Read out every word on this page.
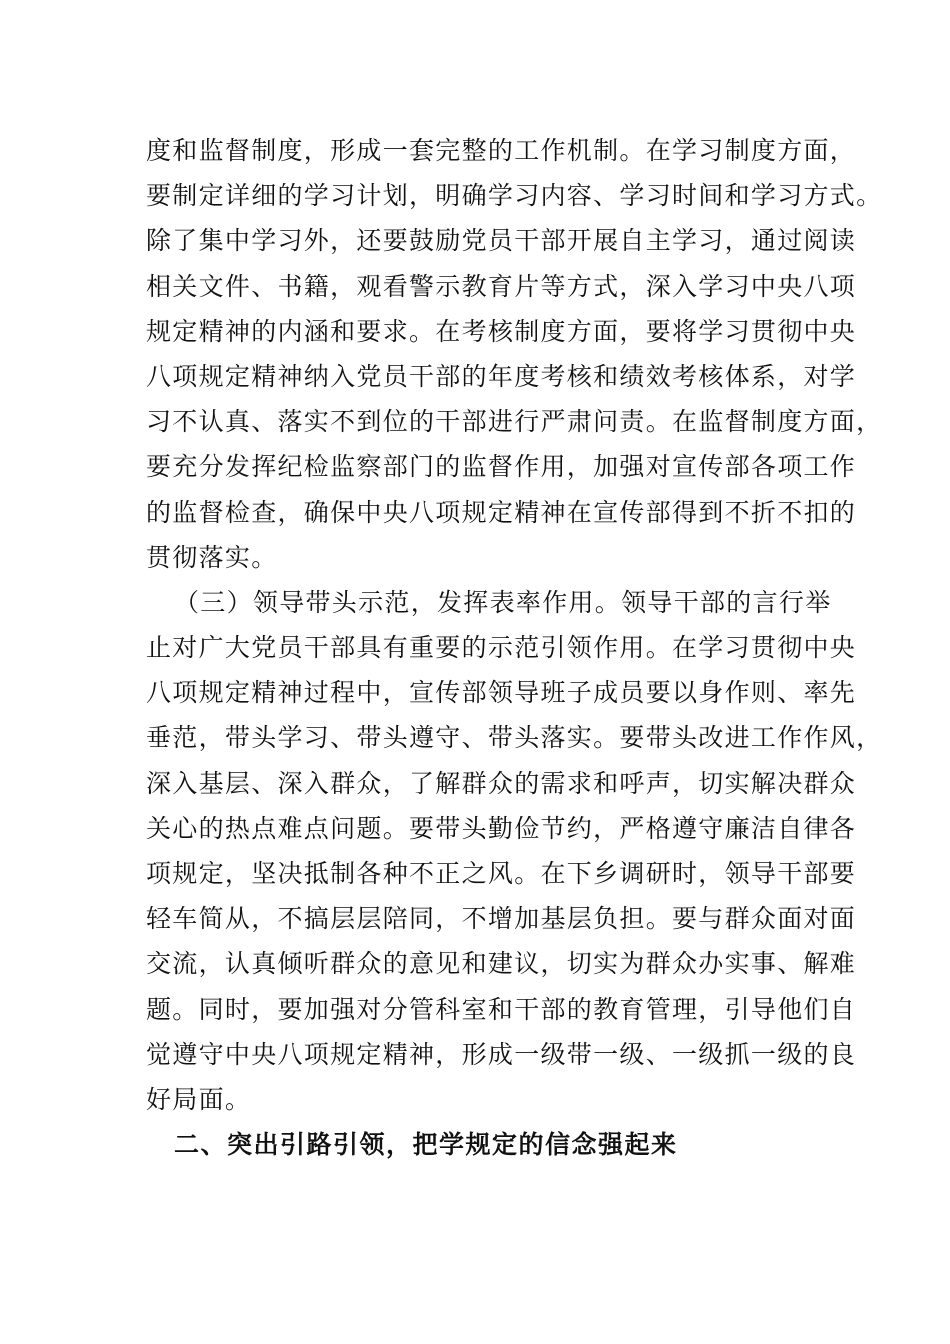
度和监督制度，形成一套完整的工作机制。在学习制度方面，
要制定详细的学习计划，明确学习内容、学习时间和学习方式。
除了集中学习外，还要鼓励党员干部开展自主学习，通过阅读
相关文件、书籍，观看警示教育片等方式，深入学习中央八项
规定精神的内涵和要求。在考核制度方面，要将学习贯彻中央
八项规定精神纳入党员干部的年度考核和绩效考核体系，对学
习不认真、落实不到位的干部进行严肃问责。在监督制度方面，
要充分发挥纪检监察部门的监督作用，加强对宣传部各项工作
的监督检查，确保中央八项规定精神在宣传部得到不折不扣的
贯彻落实。
（三）领导带头示范，发挥表率作用。领导干部的言行举
止对广大党员干部具有重要的示范引领作用。在学习贯彻中央
八项规定精神过程中，宣传部领导班子成员要以身作则、率先
垂范，带头学习、带头遵守、带头落实。要带头改进工作作风，
深入基层、深入群众，了解群众的需求和呼声，切实解决群众
关心的热点难点问题。要带头勤俭节约，严格遵守廉洁自律各
项规定，坚决抵制各种不正之风。在下乡调研时，领导干部要
轻车简从，不搞层层陪同，不增加基层负担。要与群众面对面
交流，认真倾听群众的意见和建议，切实为群众办实事、解难
题。同时，要加强对分管科室和干部的教育管理，引导他们自
觉遵守中央八项规定精神，形成一级带一级、一级抓一级的良
好局面。
二、突出引路引领，把学规定的信念强起来
